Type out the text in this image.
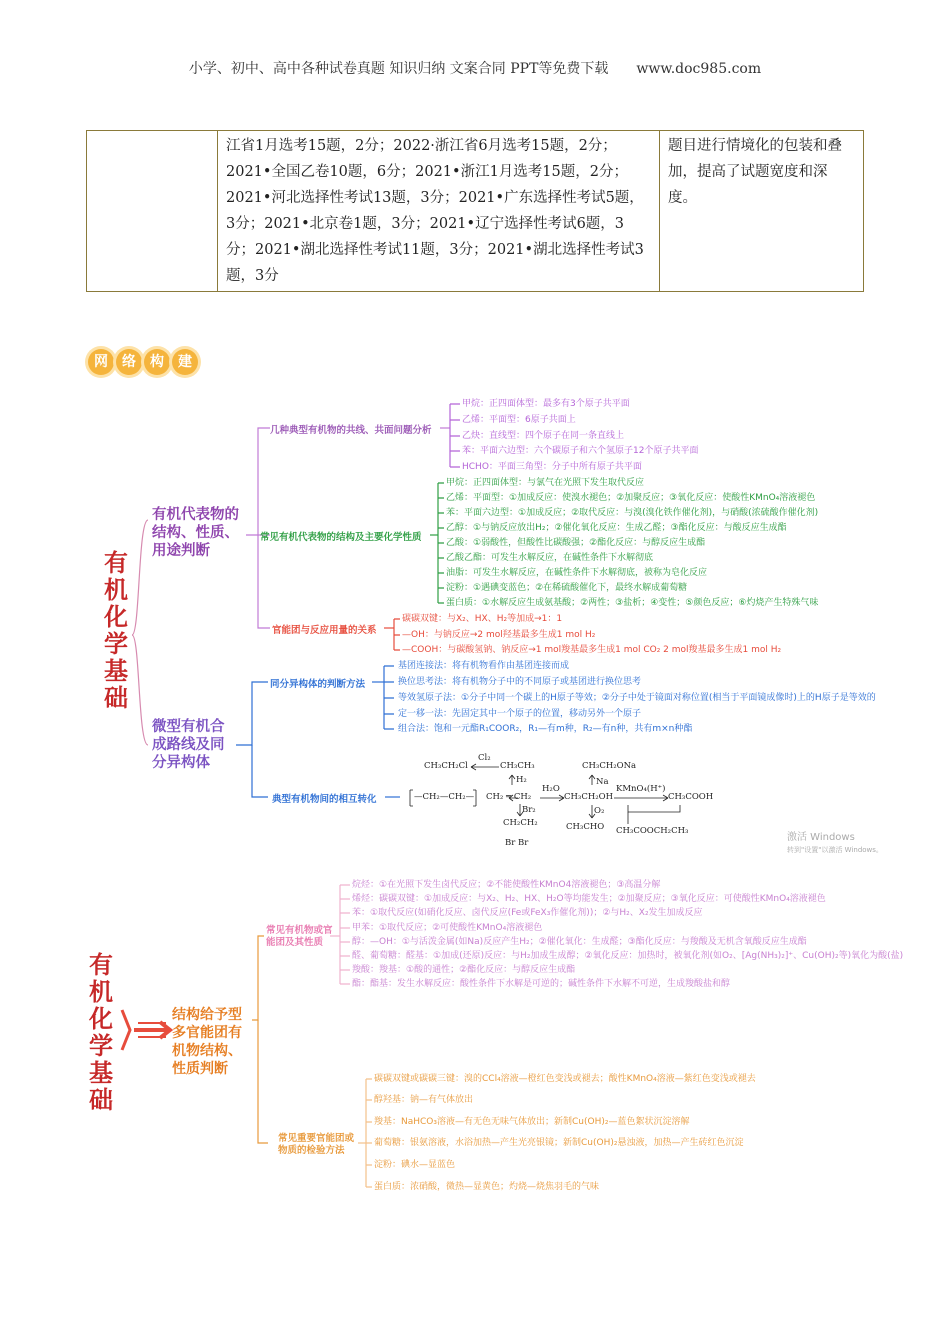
小学、初中、高中各种试卷真题 知识归纳 文案合同 PPT等免费下载 www.doc985.com
	江省1月选考15题，2分；2022·浙江省6月选考15题，2分；2021•全国乙卷10题，6分；2021•浙江1月选考15题，2分；2021•河北选择性考试13题，3分；2021•广东选择性考试5题，3分；2021•北京卷1题，3分；2021•辽宁选择性考试6题，3分；2021•湖北选择性考试11题，3分；2021•湖北选择性考试3题，3分	题目进行情境化的包装和叠加，提高了试题宽度和深度。
网	络	构	建
有机化学基础
有机代表物的结构、性质、用途判断
微型有机合成路线及同分异构体
几种典型有机物的共线、共面问题分析
甲烷：正四面体型：最多有3个原子共平面
乙烯：平面型：6原子共面上
乙炔：直线型：四个原子在同一条直线上
苯：平面六边型：六个碳原子和六个氢原子12个原子共平面
HCHO：平面三角型：分子中所有原子共平面
常见有机代表物的结构及主要化学性质
甲烷：正四面体型：与氯气在光照下发生取代反应
乙烯：平面型：①加成反应：使溴水褪色；②加聚反应；③氧化反应：使酸性KMnO₄溶液褪色
苯：平面六边型：①加成反应；②取代反应：与溴(溴化铁作催化剂)，与硝酸(浓硫酸作催化剂)
乙醇：①与钠反应放出H₂；②催化氧化反应：生成乙醛；③酯化反应：与酸反应生成酯
乙酸：①弱酸性，但酸性比碳酸强；②酯化反应：与醇反应生成酯
乙酸乙酯：可发生水解反应，在碱性条件下水解彻底
油脂：可发生水解反应，在碱性条件下水解彻底，被称为皂化反应
淀粉：①遇碘变蓝色；②在稀硫酸催化下，最终水解成葡萄糖
蛋白质：①水解反应生成氨基酸；②两性；③盐析；④变性；⑤颜色反应；⑥灼烧产生特殊气味
官能团与反应用量的关系
碳碳双键：与X₂、HX、H₂等加成→1：1
—OH：与钠反应→2 mol羟基最多生成1 mol H₂
—COOH：与碳酸氢钠、钠反应→1 mol羧基最多生成1 mol CO₂ 2 mol羧基最多生成1 mol H₂
同分异构体的判断方法
基团连接法：将有机物看作由基团连接而成
换位思考法：将有机物分子中的不同原子或基团进行换位思考
等效氢原子法：①分子中同一个碳上的H原子等效；②分子中处于镜面对称位置(相当于平面镜成像时)上的H原子是等效的
定一移一法：先固定其中一个原子的位置，移动另外一个原子
组合法：饱和一元酯R₁COOR₂，R₁—有m种，R₂—有n种，共有m×n种酯
典型有机物间的相互转化
CH₃CH₂Cl
Cl₂
CH₃CH₃
H₂
CH₃CH₂ONa
Na
—CH₂—CH₂— CH₂ ═ CH₂
H₂O
CH₃CH₂OH
KMnO₄(H⁺)
CH₃COOH
Br₂	O₂
CH₂CH₂
Br Br
CH₃CHO CH₃COOCH₂CH₃
激活 Windows
转到"设置"以激活 Windows。
有机化学基础
结构给予型多官能团有机物结构、性质判断
常见有机物或官能团及其性质
烷烃：①在光照下发生卤代反应；②不能使酸性KMnO4溶液褪色；③高温分解
烯烃：碳碳双键：①加成反应：与X₂、H₂、HX、H₂O等均能发生；②加聚反应；③氧化反应：可使酸性KMnO₄溶液褪色
苯：①取代反应(如硝化反应、卤代反应(Fe或FeX₃作催化剂))；②与H₂、X₂发生加成反应
甲苯：①取代反应；②可使酸性KMnO₄溶液褪色
醇：—OH：①与活泼金属(如Na)反应产生H₂；②催化氧化：生成醛；③酯化反应：与羧酸及无机含氧酸反应生成酯
醛、葡萄糖：醛基：①加成(还原)反应：与H₂加成生成醇；②氧化反应：加热时，被氧化剂(如O₂、[Ag(NH₃)₂]⁺、Cu(OH)₂等)氧化为酸(盐)
羧酸：羧基：①酸的通性；②酯化反应：与醇反应生成酯
酯：酯基：发生水解反应：酸性条件下水解是可逆的；碱性条件下水解不可逆，生成羧酸盐和醇
常见重要官能团或物质的检验方法
碳碳双键或碳碳三键：溴的CCl₄溶液—橙红色变浅或褪去；酸性KMnO₄溶液—紫红色变浅或褪去
醇羟基：钠—有气体放出
羧基：NaHCO₃溶液—有无色无味气体放出；新制Cu(OH)₂—蓝色絮状沉淀溶解
葡萄糖：银氨溶液，水浴加热—产生光亮银镜；新制Cu(OH)₂悬浊液，加热—产生砖红色沉淀
淀粉：碘水—显蓝色
蛋白质：浓硝酸，微热—显黄色；灼烧—烧焦羽毛的气味
